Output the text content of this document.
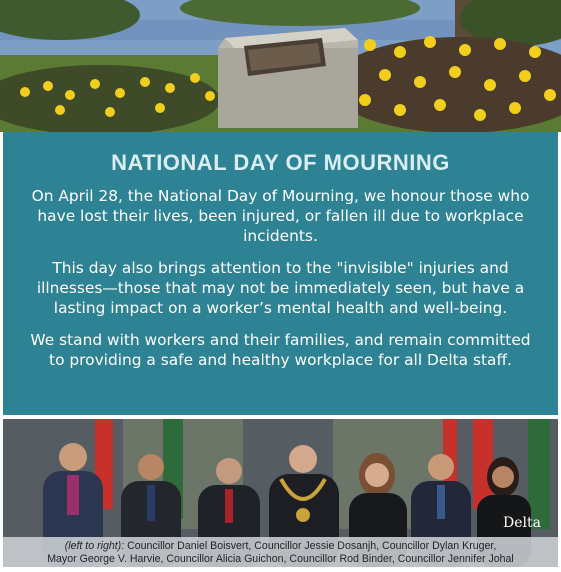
NATIONAL DAY OF MOURNING

On April 28, the National Day of Mourning, we honour those who have lost their lives, been injured, or fallen ill due to workplace incidents.

This day also brings attention to the "invisible" injuries and illnesses—those that may not be immediately seen, but have a lasting impact on a worker’s mental health and well-being.

We stand with workers and their families, and remain committed to providing a safe and healthy workplace for all Delta staff.

Delta
(left to right): Councillor Daniel Boisvert, Councillor Jessie Dosanjh, Councillor Dylan Kruger,
Mayor George V. Harvie, Councillor Alicia Guichon, Councillor Rod Binder, Councillor Jennifer Johal
